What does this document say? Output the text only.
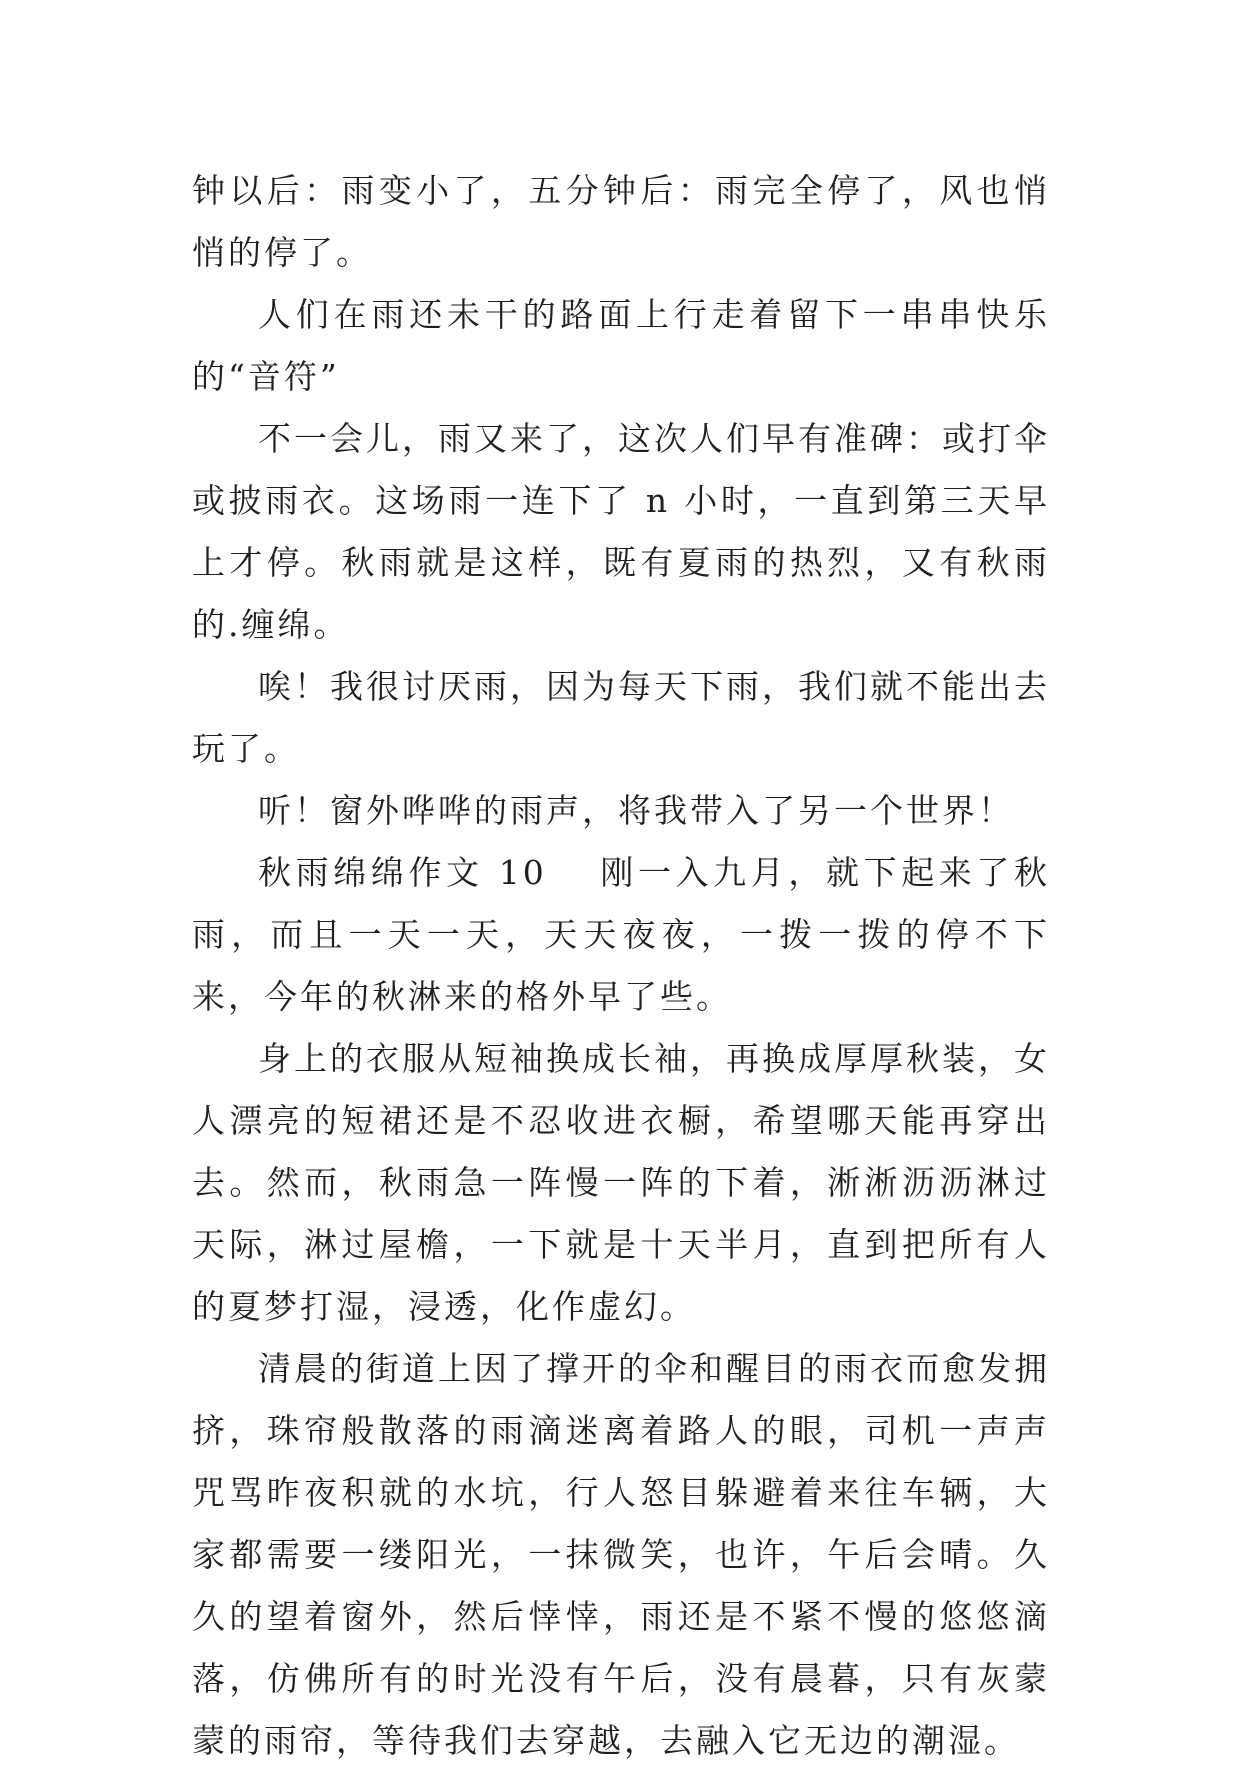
钟以后：雨变小了，五分钟后：雨完全停了，风也悄悄的停了。

人们在雨还未干的路面上行走着留下一串串快乐的“音符”

不一会儿，雨又来了，这次人们早有准碑：或打伞或披雨衣。这场雨一连下了 n 小时，一直到第三天早上才停。秋雨就是这样，既有夏雨的热烈，又有秋雨的.缠绵。

唉！我很讨厌雨，因为每天下雨，我们就不能出去玩了。

听！窗外哗哗的雨声，将我带入了另一个世界！

秋雨绵绵作文 10 刚一入九月，就下起来了秋雨，而且一天一天，天天夜夜，一拨一拨的停不下来，今年的秋淋来的格外早了些。

身上的衣服从短袖换成长袖，再换成厚厚秋装，女人漂亮的短裙还是不忍收进衣橱，希望哪天能再穿出去。然而，秋雨急一阵慢一阵的下着，淅淅沥沥淋过天际，淋过屋檐，一下就是十天半月，直到把所有人的夏梦打湿，浸透，化作虚幻。

清晨的街道上因了撑开的伞和醒目的雨衣而愈发拥挤，珠帘般散落的雨滴迷离着路人的眼，司机一声声咒骂昨夜积就的水坑，行人怒目躲避着来往车辆，大家都需要一缕阳光，一抹微笑，也许，午后会晴。久久的望着窗外，然后悻悻，雨还是不紧不慢的悠悠滴落，仿佛所有的时光没有午后，没有晨暮，只有灰蒙蒙的雨帘，等待我们去穿越，去融入它无边的潮湿。
